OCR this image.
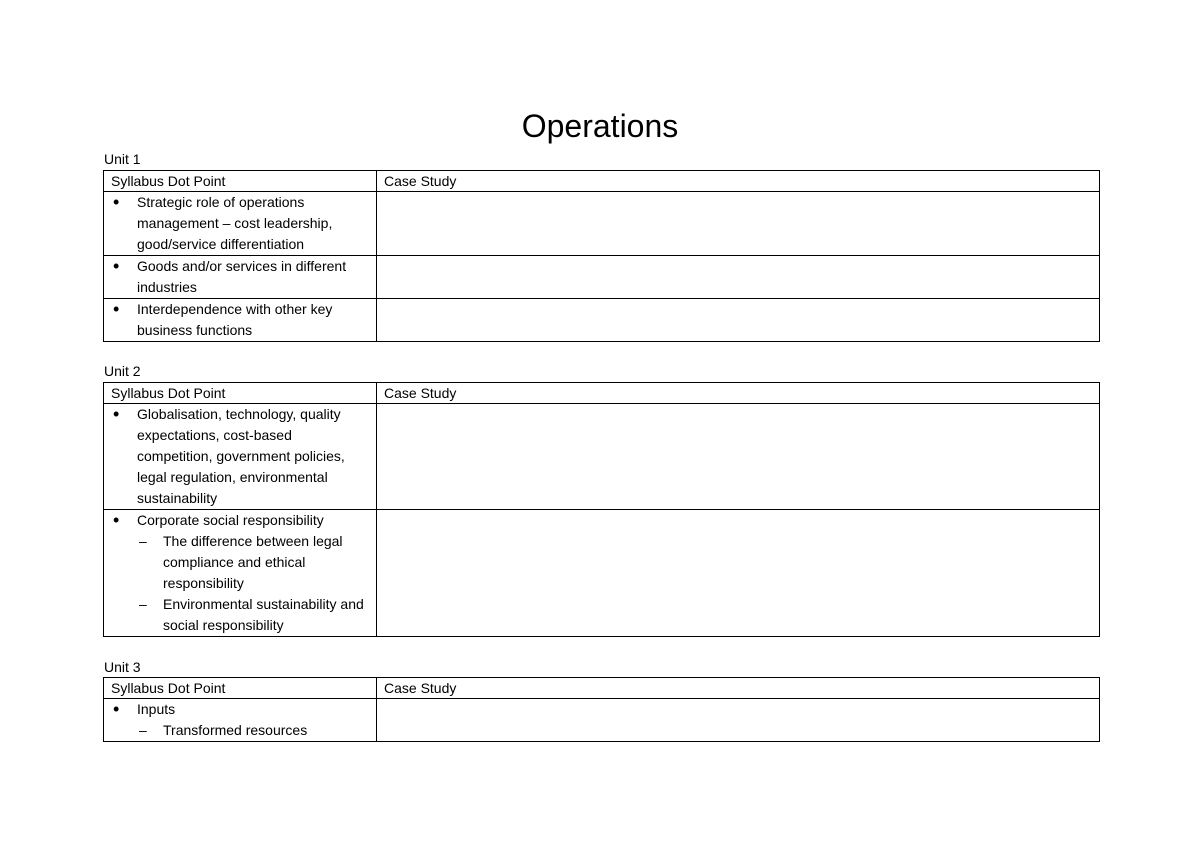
Operations
Unit 1
Syllabus Dot Point	Case Study

• Strategic role of operations management – cost leadership, good/service differentiation

• Goods and/or services in different industries

• Interdependence with other key business functions

Unit 2
Syllabus Dot Point	Case Study

• Globalisation, technology, quality expectations, cost-based competition, government policies, legal regulation, environmental sustainability

• Corporate social responsibility
– The difference between legal compliance and ethical responsibility
– Environmental sustainability and social responsibility

Unit 3
Syllabus Dot Point	Case Study

• Inputs
– Transformed resources
